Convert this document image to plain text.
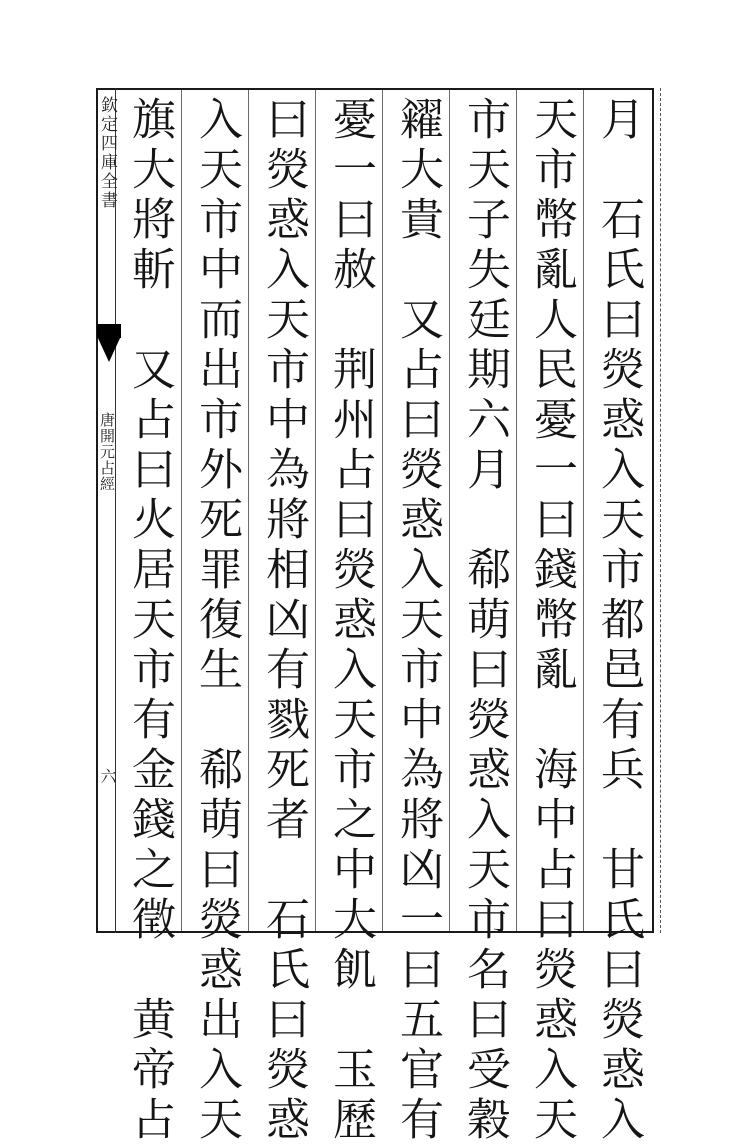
欽定四庫全書
唐開元占經
六	月　石氏曰熒惑入天市都邑有兵　甘氏曰熒惑入
天市幣亂人民憂一曰錢幣亂　海中占曰熒惑入天
市天子失廷期六月　郗萌曰熒惑入天市名曰受穀
糴大貴　又占曰熒惑入天市中為將凶一曰五官有
憂一曰赦　荆州占曰熒惑入天市之中大飢　玉歷
曰熒惑入天市中為將相凶有戮死者　石氏曰熒惑
入天市中而出市外死罪復生　郗萌曰熒惑出入天
旗大將斬　又占曰火居天市有金錢之徵　黄帝占
